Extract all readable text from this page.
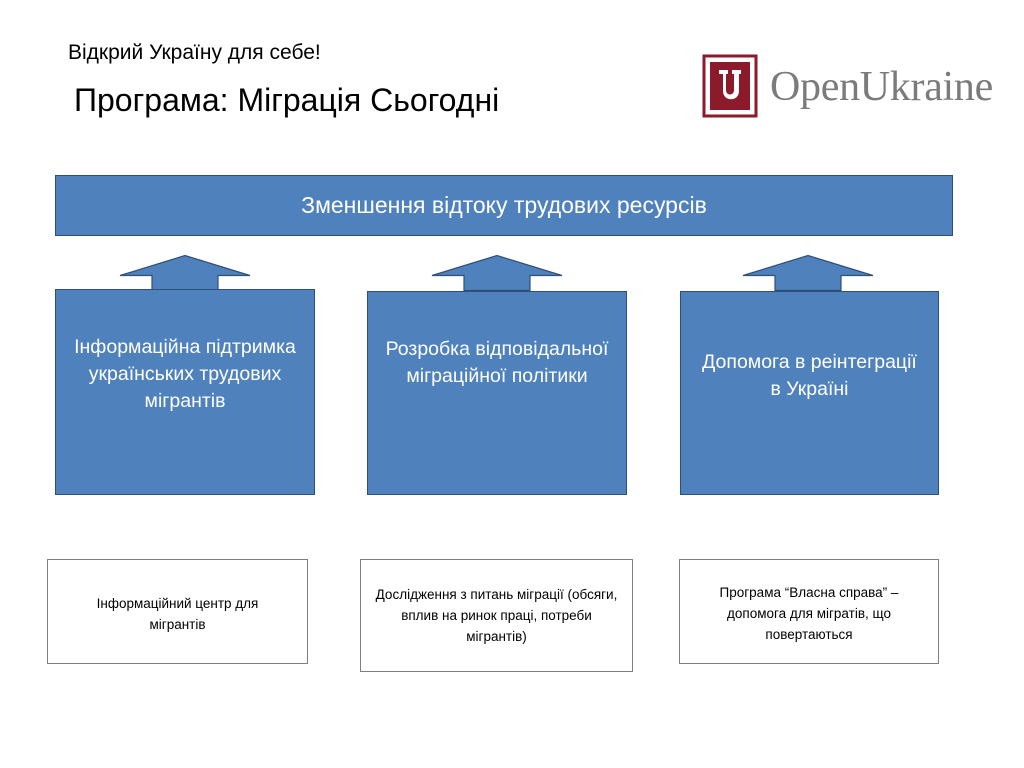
Відкрий Україну для себе!
Програма: Міграція Сьогодні	OpenUkraine
Зменшення відтоку трудових ресурсів
Інформаційна підтримка українських трудових мігрантів
Розробка відповідальної міграційної політики
Допомога в реінтеграції в Україні
Інформаційний центр для мігрантів
Дослідження з питань міграції (обсяги, вплив на ринок праці, потреби мігрантів)
Програма “Власна справа” – допомога для мігратів, що повертаються
